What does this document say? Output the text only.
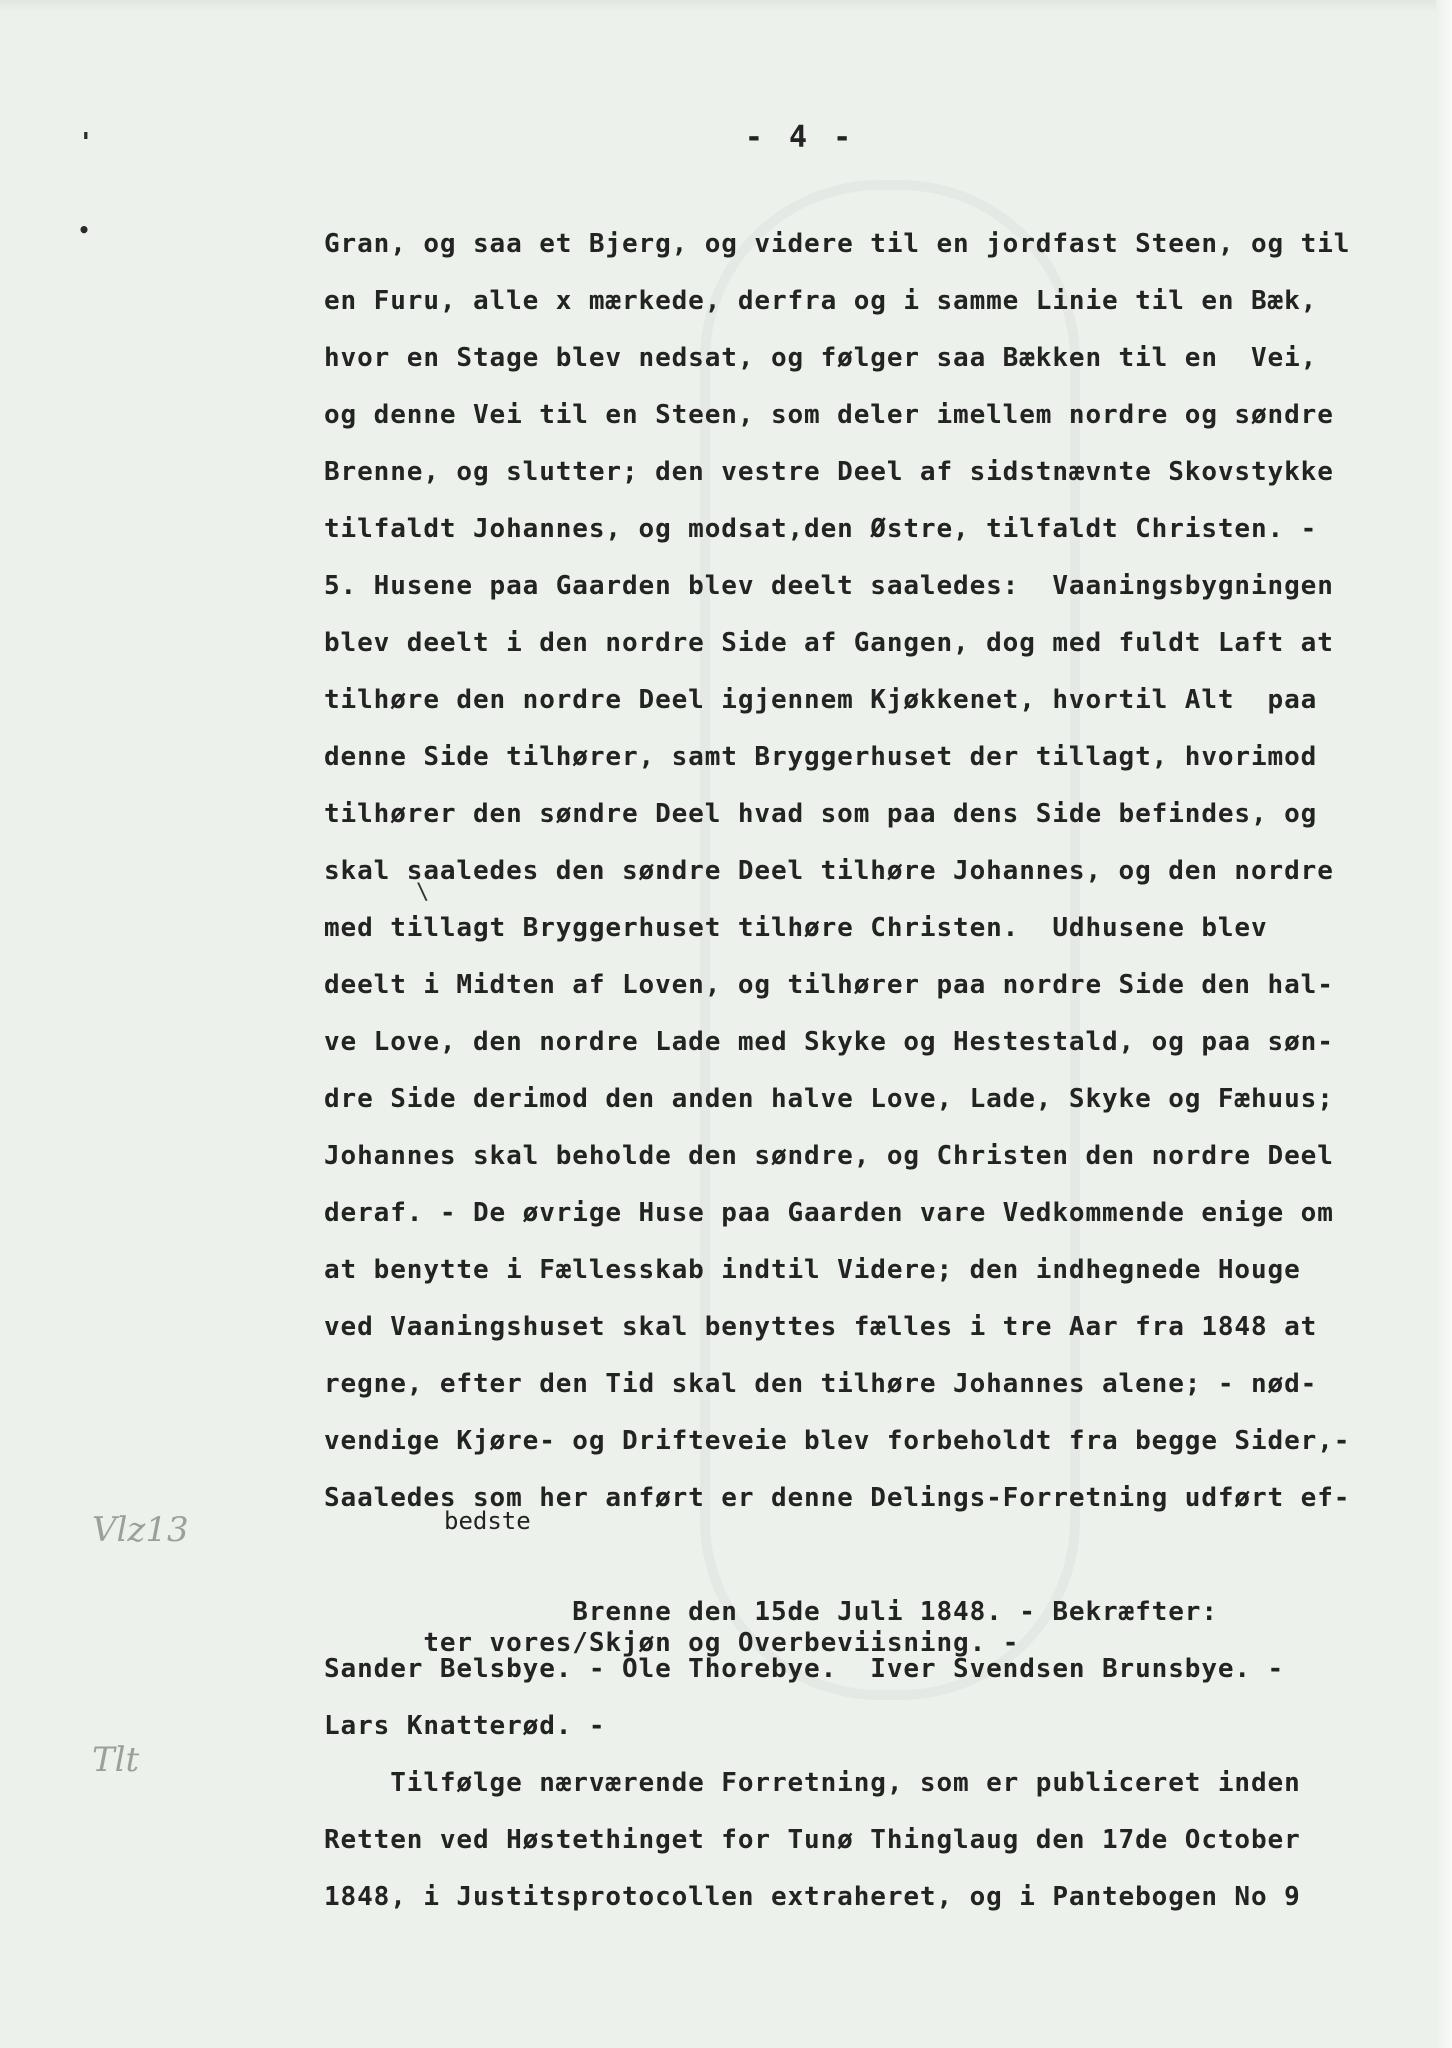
'
•
Vlz13
Tlt
- 4 -
\
Gran, og saa et Bjerg, og videre til en jordfast Steen, og til
en Furu, alle x mærkede, derfra og i samme Linie til en Bæk,
hvor en Stage blev nedsat, og følger saa Bækken til en  Vei,
og denne Vei til en Steen, som deler imellem nordre og søndre
Brenne, og slutter; den vestre Deel af sidstnævnte Skovstykke
tilfaldt Johannes, og modsat,den Østre, tilfaldt Christen. -
5. Husene paa Gaarden blev deelt saaledes:  Vaaningsbygningen
blev deelt i den nordre Side af Gangen, dog med fuldt Laft at
tilhøre den nordre Deel igjennem Kjøkkenet, hvortil Alt  paa
denne Side tilhører, samt Bryggerhuset der tillagt, hvorimod
tilhører den søndre Deel hvad som paa dens Side befindes, og
skal saaledes den søndre Deel tilhøre Johannes, og den nordre
med tillagt Bryggerhuset tilhøre Christen.  Udhusene blev
deelt i Midten af Loven, og tilhører paa nordre Side den hal-
ve Love, den nordre Lade med Skyke og Hestestald, og paa søn-
dre Side derimod den anden halve Love, Lade, Skyke og Fæhuus;
Johannes skal beholde den søndre, og Christen den nordre Deel
deraf. - De øvrige Huse paa Gaarden vare Vedkommende enige om
at benytte i Fællesskab indtil Videre; den indhegnede Houge
ved Vaaningshuset skal benyttes fælles i tre Aar fra 1848 at
regne, efter den Tid skal den tilhøre Johannes alene; - nød-
vendige Kjøre- og Drifteveie blev forbeholdt fra begge Sider,-
Saaledes som her anført er denne Delings-Forretning udført ef-

bedste

ter vores/Skjøn og Overbeviisning. -

Brenne den 15de Juli 1848. - Bekræfter:
Sander Belsbye. - Ole Thorebye.  Iver Svendsen Brunsbye. -
Lars Knatterød. -
Tilfølge nærværende Forretning, som er publiceret inden
Retten ved Høstethinget for Tunø Thinglaug den 17de October
1848, i Justitsprotocollen extraheret, og i Pantebogen No 9
